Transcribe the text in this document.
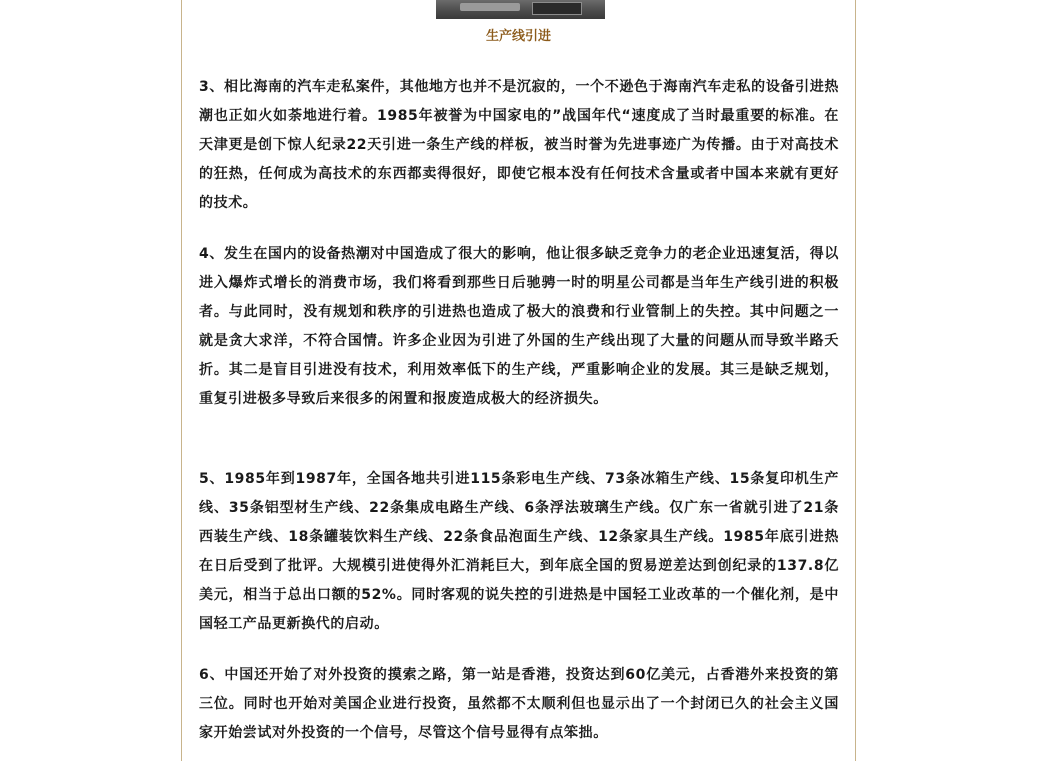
生产线引进

3、相比海南的汽车走私案件，其他地方也并不是沉寂的，一个不逊色于海南汽车走私的设备引进热潮也正如火如荼地进行着。1985年被誉为中国家电的”战国年代“速度成了当时最重要的标准。在天津更是创下惊人纪录22天引进一条生产线的样板，被当时誉为先进事迹广为传播。由于对高技术的狂热，任何成为高技术的东西都卖得很好，即使它根本没有任何技术含量或者中国本来就有更好的技术。

4、发生在国内的设备热潮对中国造成了很大的影响，他让很多缺乏竞争力的老企业迅速复活，得以进入爆炸式增长的消费市场，我们将看到那些日后驰骋一时的明星公司都是当年生产线引进的积极者。与此同时，没有规划和秩序的引进热也造成了极大的浪费和行业管制上的失控。其中问题之一就是贪大求洋，不符合国情。许多企业因为引进了外国的生产线出现了大量的问题从而导致半路夭折。其二是盲目引进没有技术，利用效率低下的生产线，严重影响企业的发展。其三是缺乏规划，重复引进极多导致后来很多的闲置和报废造成极大的经济损失。

5、1985年到1987年，全国各地共引进115条彩电生产线、73条冰箱生产线、15条复印机生产线、35条铝型材生产线、22条集成电路生产线、6条浮法玻璃生产线。仅广东一省就引进了21条西装生产线、18条罐装饮料生产线、22条食品泡面生产线、12条家具生产线。1985年底引进热在日后受到了批评。大规模引进使得外汇消耗巨大，到年底全国的贸易逆差达到创纪录的137.8亿美元，相当于总出口额的52%。同时客观的说失控的引进热是中国轻工业改革的一个催化剂，是中国轻工产品更新换代的启动。

6、中国还开始了对外投资的摸索之路，第一站是香港，投资达到60亿美元，占香港外来投资的第三位。同时也开始对美国企业进行投资，虽然都不太顺利但也显示出了一个封闭已久的社会主义国家开始尝试对外投资的一个信号，尽管这个信号显得有点笨拙。
